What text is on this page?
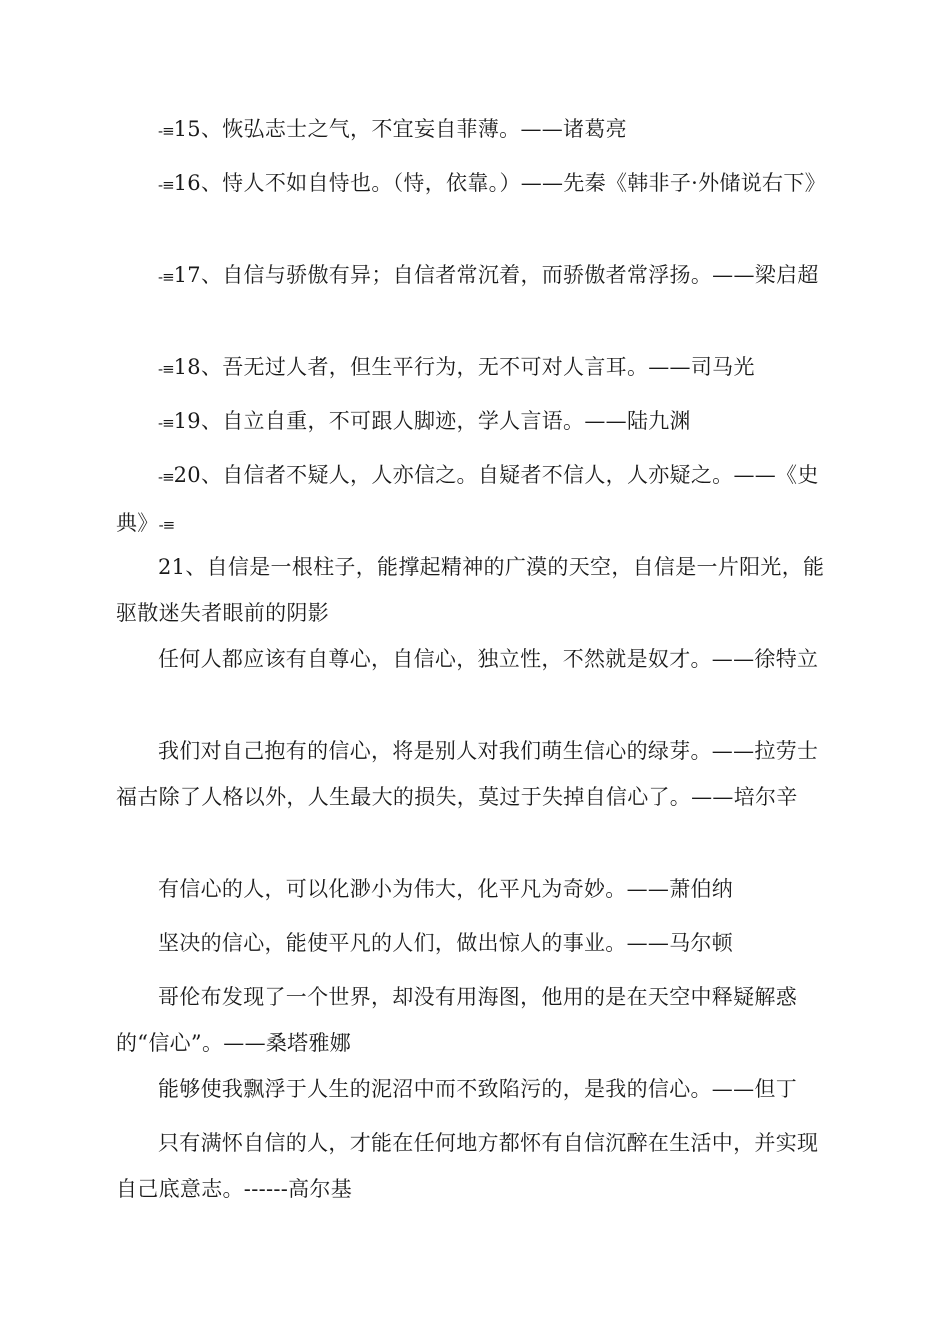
-≡15、恢弘志士之气，不宜妄自菲薄。——诸葛亮

-≡16、恃人不如自恃也。（恃，依靠。）——先秦《韩非子·外储说右下》

-≡17、自信与骄傲有异；自信者常沉着，而骄傲者常浮扬。——梁启超

-≡18、吾无过人者，但生平行为，无不可对人言耳。——司马光

-≡19、自立自重，不可跟人脚迹，学人言语。——陆九渊

-≡20、自信者不疑人，人亦信之。自疑者不信人，人亦疑之。——《史典》-≡

21、自信是一根柱子，能撑起精神的广漠的天空，自信是一片阳光，能驱散迷失者眼前的阴影

任何人都应该有自尊心，自信心，独立性，不然就是奴才。——徐特立

我们对自己抱有的信心，将是别人对我们萌生信心的绿芽。——拉劳士福古除了人格以外，人生最大的损失，莫过于失掉自信心了。——培尔辛

有信心的人，可以化渺小为伟大，化平凡为奇妙。——萧伯纳

坚决的信心，能使平凡的人们，做出惊人的事业。——马尔顿

哥伦布发现了一个世界，却没有用海图，他用的是在天空中释疑解惑的“信心”。——桑塔雅娜

能够使我飘浮于人生的泥沼中而不致陷污的，是我的信心。——但丁

只有满怀自信的人，才能在任何地方都怀有自信沉醉在生活中，并实现自己底意志。------高尔基
